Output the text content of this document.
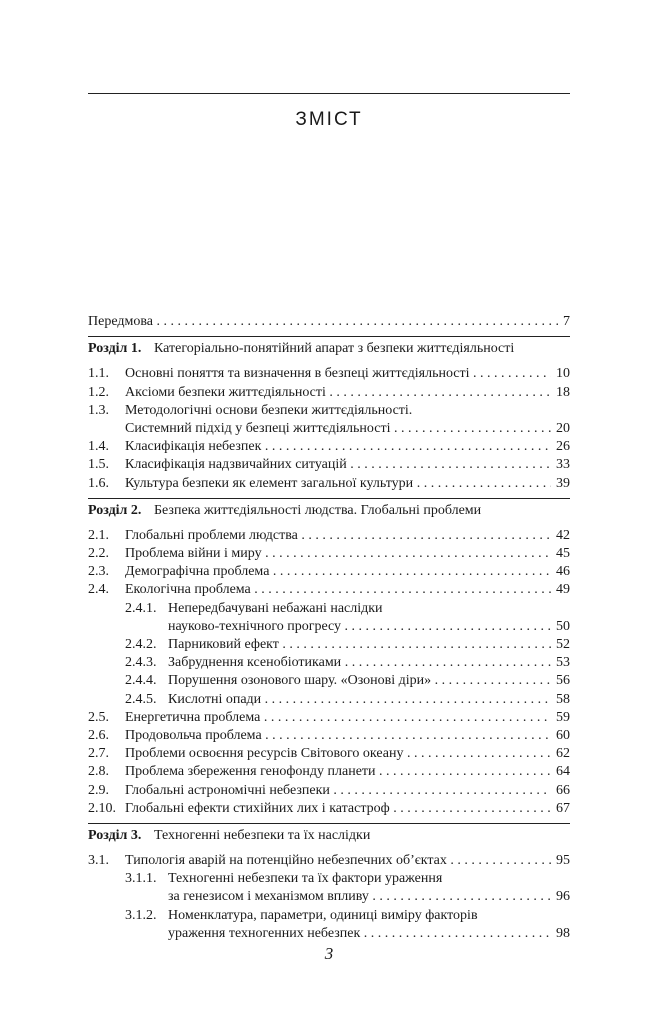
ЗМІСТ
Передмова . . .	7
Розділ 1. Категоріально-понятійний апарат з безпеки життєдіяльності
1.1. Основні поняття та визначення в безпеці життєдіяльності . . .	10
1.2. Аксіоми безпеки життєдіяльності . . .	18
1.3. Методологічні основи безпеки життєдіяльності.
Системний підхід у безпеці життєдіяльності . . .	20
1.4. Класифікація небезпек . . .	26
1.5. Класифікація надзвичайних ситуацій . . .	33
1.6. Культура безпеки як елемент загальної культури . . .	39
Розділ 2. Безпека життєдіяльності людства. Глобальні проблеми
2.1. Глобальні проблеми людства . . .	42
2.2. Проблема війни і миру . . .	45
2.3. Демографічна проблема . . .	46
2.4. Екологічна проблема . . .	49
2.4.1. Непередбачувані небажані наслідки
науково-технічного прогресу . . .	50
2.4.2. Парниковий ефект . . .	52
2.4.3. Забруднення ксенобіотиками . . .	53
2.4.4. Порушення озонового шару. «Озонові діри» . . .	56
2.4.5. Кислотні опади . . .	58
2.5. Енергетична проблема . . .	59
2.6. Продовольча проблема . . .	60
2.7. Проблеми освоєння ресурсів Світового океану . . .	62
2.8. Проблема збереження генофонду планети . . .	64
2.9. Глобальні астрономічні небезпеки . . .	66
2.10. Глобальні ефекти стихійних лих і катастроф . . .	67
Розділ 3. Техногенні небезпеки та їх наслідки
3.1. Типологія аварій на потенційно небезпечних об’єктах . . .	95
3.1.1. Техногенні небезпеки та їх фактори ураження
за генезисом і механізмом впливу . . .	96
3.1.2. Номенклатура, параметри, одиниці виміру факторів
ураження техногенних небезпек . . .	98
3
